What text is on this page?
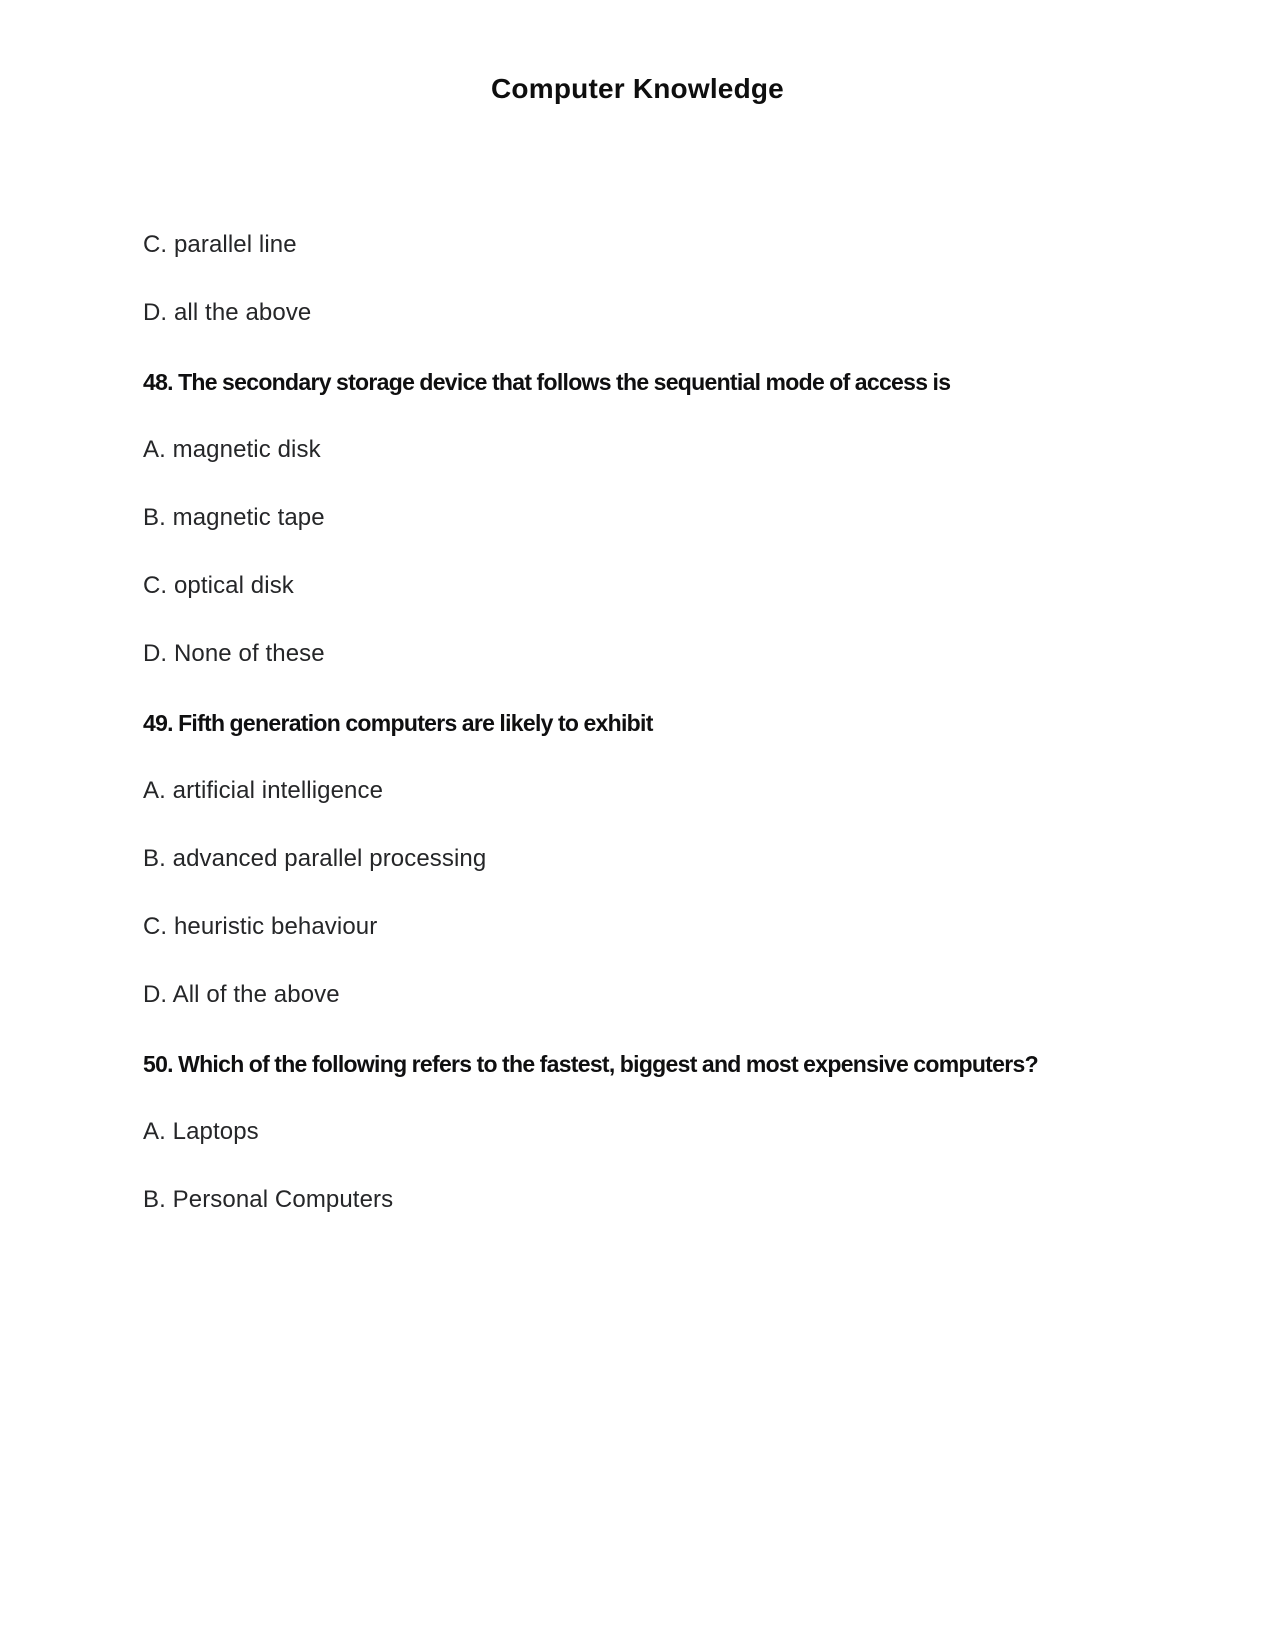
Computer Knowledge

C. parallel line

D. all the above

48. The secondary storage device that follows the sequential mode of access is

A. magnetic disk

B. magnetic tape

C. optical disk

D. None of these

49. Fifth generation computers are likely to exhibit

A. artificial intelligence

B. advanced parallel processing

C. heuristic behaviour

D. All of the above

50. Which of the following refers to the fastest, biggest and most expensive computers?

A. Laptops

B. Personal Computers
